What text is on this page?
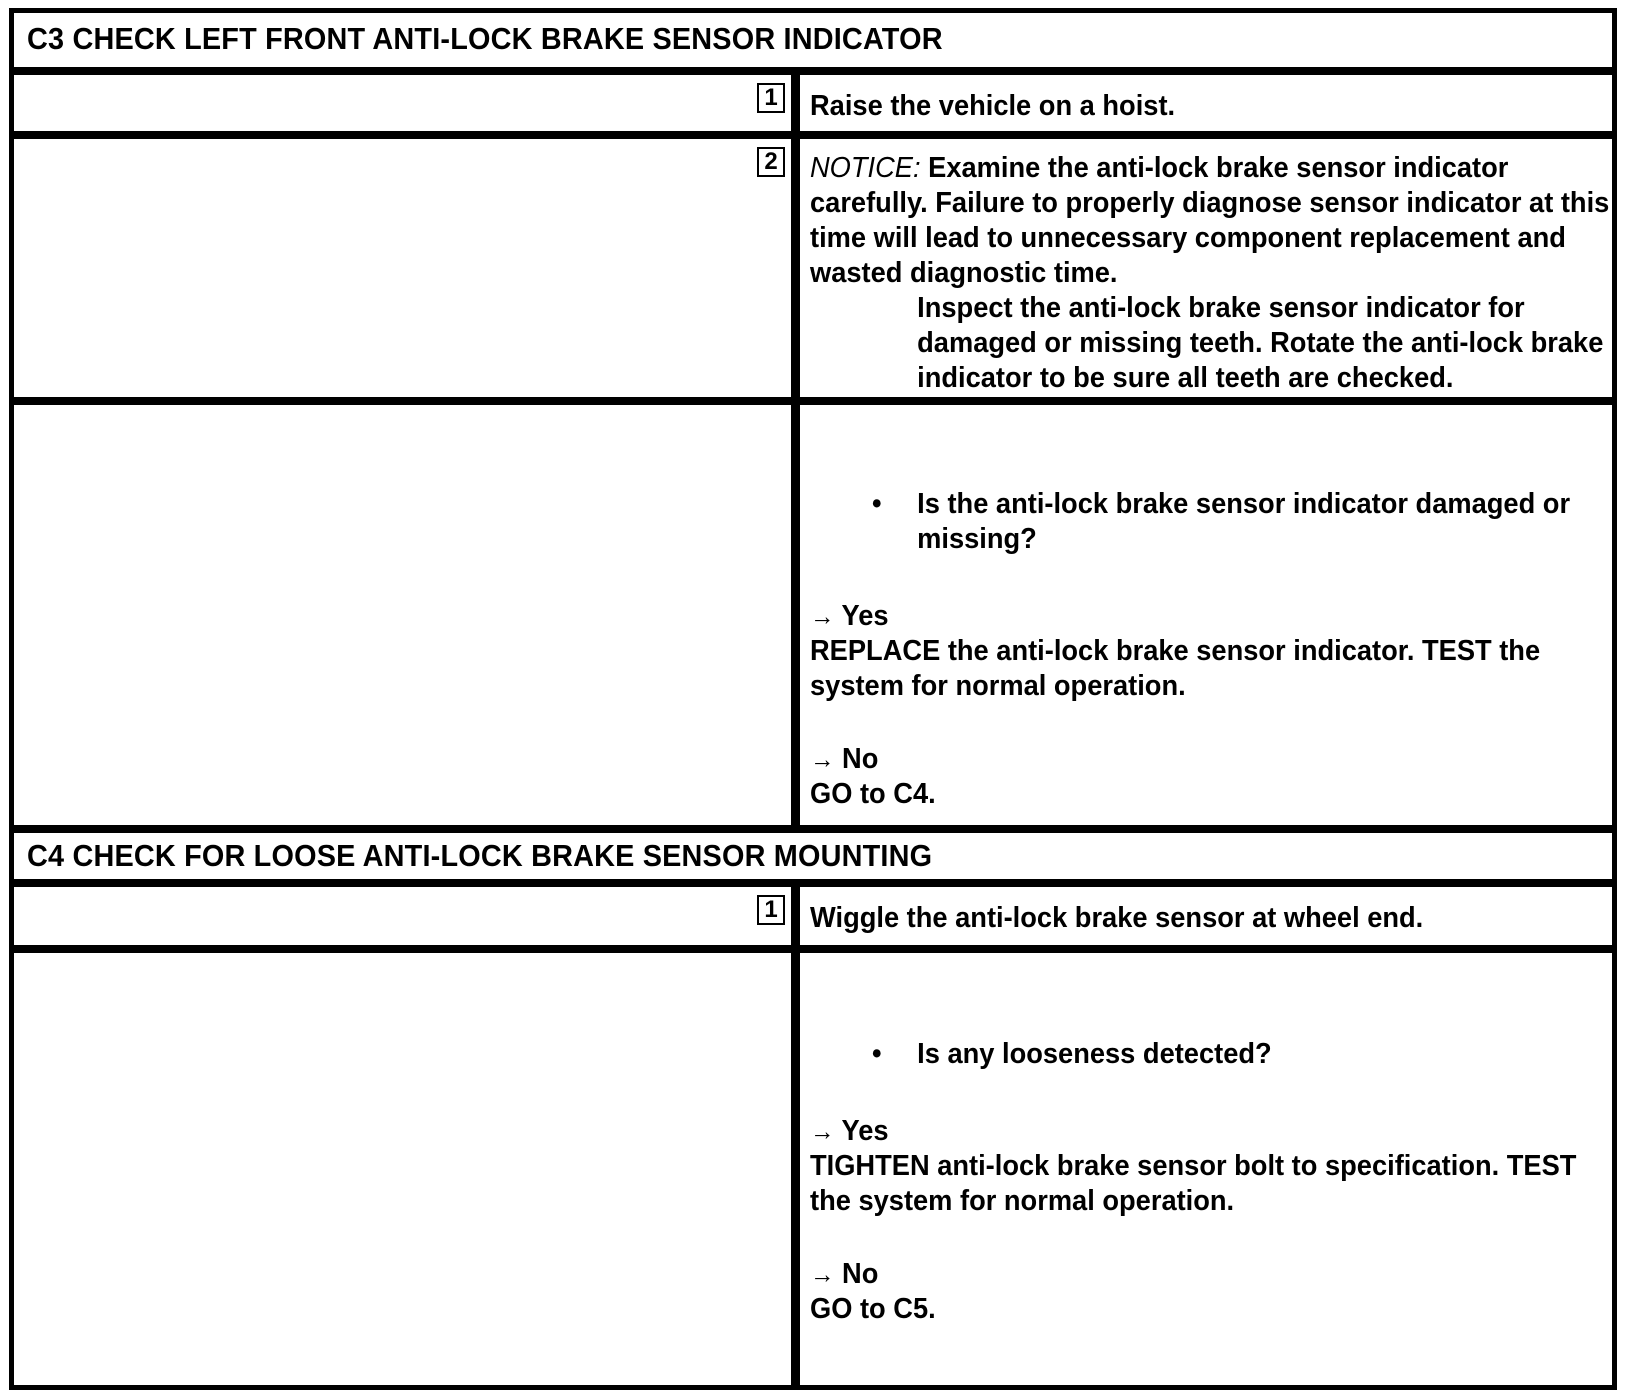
C3 CHECK LEFT FRONT ANTI-LOCK BRAKE SENSOR INDICATOR
1 Raise the vehicle on a hoist.
2 NOTICE: Examine the anti-lock brake sensor indicator carefully. Failure to properly diagnose sensor indicator at this time will lead to unnecessary component replacement and wasted diagnostic time.
Inspect the anti-lock brake sensor indicator for damaged or missing teeth. Rotate the anti-lock brake indicator to be sure all teeth are checked.
• Is the anti-lock brake sensor indicator damaged or missing?
→ Yes
REPLACE the anti-lock brake sensor indicator. TEST the system for normal operation.
→ No
GO to C4.
C4 CHECK FOR LOOSE ANTI-LOCK BRAKE SENSOR MOUNTING
1 Wiggle the anti-lock brake sensor at wheel end.
• Is any looseness detected?
→ Yes
TIGHTEN anti-lock brake sensor bolt to specification. TEST the system for normal operation.
→ No
GO to C5.
